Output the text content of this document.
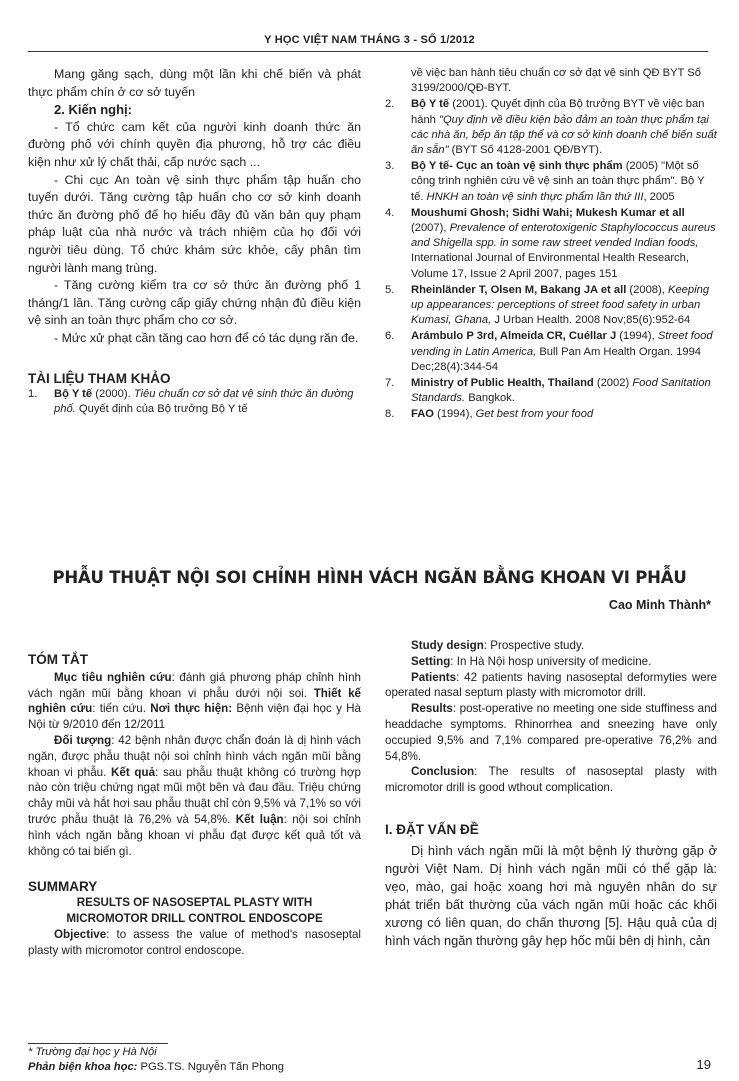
Y HỌC VIỆT NAM THÁNG 3 - SỐ 1/2012

Mang găng sạch, dùng một lần khi chế biến và phát thực phẩm chín ở cơ sở tuyến

2. Kiến nghị:

- Tổ chức cam kết của người kinh doanh thức ăn đường phố với chính quyền địa phương, hỗ trợ các điều kiện như xử lý chất thải, cấp nước sạch ...

- Chi cục An toàn vệ sinh thực phẩm tập huấn cho tuyến dưới. Tăng cường tập huấn cho cơ sở kinh doanh thức ăn đường phố để họ hiểu đầy đủ văn bản quy phạm pháp luật của nhà nước và trách nhiệm của họ đối với người tiêu dùng. Tổ chức khám sức khỏe, cấy phân tìm người lành mang trùng.

- Tăng cường kiểm tra cơ sở thức ăn đường phố 1 tháng/1 lần. Tăng cường cấp giấy chứng nhận đủ điều kiện vệ sinh an toàn thực phẩm cho cơ sở.

- Mức xử phạt cần tăng cao hơn để có tác dụng răn đe.

TÀI LIỆU THAM KHẢO

1.	Bộ Y tế (2000). Tiêu chuẩn cơ sở đạt vệ sinh thức ăn đường phố. Quyết định của Bộ trưởng Bộ Y tế
về việc ban hành tiêu chuẩn cơ sở đạt vệ sinh QĐ BYT Số 3199/2000/QĐ-BYT.
2.	Bộ Y tế (2001). Quyết định của Bộ trưởng BYT về việc ban hành "Quy định về điều kiện bảo đảm an toàn thực phẩm tại các nhà ăn, bếp ăn tập thể và cơ sở kinh doanh chế biến suất ăn sẵn" (BYT Số 4128-2001 QĐ/BYT).
3.	Bộ Y tế- Cục an toàn vệ sinh thực phẩm (2005) "Một số công trình nghiên cứu về vệ sinh an toàn thực phẩm". Bộ Y tế. HNKH an toàn vệ sinh thực phẩm lần thứ III, 2005
4.	Moushumi Ghosh; Sidhi Wahi; Mukesh Kumar et all (2007), Prevalence of enterotoxigenic Staphylococcus aureus and Shigella spp. in some raw street vended Indian foods, International Journal of Environmental Health Research, Volume 17, Issue 2 April 2007, pages 151
5.	Rheinländer T, Olsen M, Bakang JA et all (2008), Keeping up appearances: perceptions of street food safety in urban Kumasi, Ghana, J Urban Health. 2008 Nov;85(6):952-64
6.	Arámbulo P 3rd, Almeida CR, Cuéllar J (1994), Street food vending in Latin America, Bull Pan Am Health Organ. 1994 Dec;28(4):344-54
7.	Ministry of Public Health, Thailand (2002) Food Sanitation Standards. Bangkok.
8.	FAO (1994), Get best from your food
PHẪU THUẬT NỘI SOI CHỈNH HÌNH VÁCH NGĂN BẰNG KHOAN VI PHẪU
Cao Minh Thành*

TÓM TẮT

Mục tiêu nghiên cứu: đánh giá phương pháp chỉnh hình vách ngăn mũi bằng khoan vi phẫu dưới nội soi. Thiết kế nghiên cứu: tiến cứu. Nơi thực hiện: Bệnh viện đại học y Hà Nội từ 9/2010 đến 12/2011

Đối tượng: 42 bệnh nhân được chẩn đoán là dị hình vách ngăn, được phẫu thuật nội soi chỉnh hình vách ngăn mũi bằng khoan vi phẫu. Kết quả: sau phẫu thuật không có trường hợp nào còn triệu chứng ngạt mũi một bên và đau đầu. Triệu chứng chảy mũi và hắt hơi sau phẫu thuật chỉ còn 9,5% và 7,1% so với trước phẫu thuật là 76,2% và 54,8%. Kết luận: nội soi chỉnh hình vách ngăn bằng khoan vi phẫu đạt được kết quả tốt và không có tai biến gì.

SUMMARY

RESULTS OF NASOSEPTAL PLASTY WITH MICROMOTOR DRILL CONTROL ENDOSCOPE

Objective: to assess the value of method's nasoseptal plasty with micromotor control endoscope.

Study design: Prospective study.

Setting: In Hà Nội hosp university of medicine.

Patients: 42 patients having nasoseptal deformyties were operated nasal septum plasty with micromotor drill.

Results: post-operative no meeting one side stuffiness and headdache symptoms. Rhinorrhea and sneezing have only occupied 9,5% and 7,1% compared pre-operative 76,2% and 54,8%.

Conclusion: The results of nasoseptal plasty with micromotor drill is good wthout complication.

I. ĐẶT VẤN ĐỀ

Dị hình vách ngăn mũi là một bệnh lý thường gặp ở người Việt Nam. Dị hình vách ngăn mũi có thể gặp là: vẹo, mào, gai hoặc xoang hơi mà nguyên nhân do sự phát triển bất thường của vách ngăn mũi hoặc các khối xương có liên quan, do chấn thương [5]. Hậu quả của dị hình vách ngăn thường gây hẹp hốc mũi bên dị hình, cản

* Trường đại học y Hà Nội
Phản biện khoa học: PGS.TS. Nguyễn Tấn Phong	19
